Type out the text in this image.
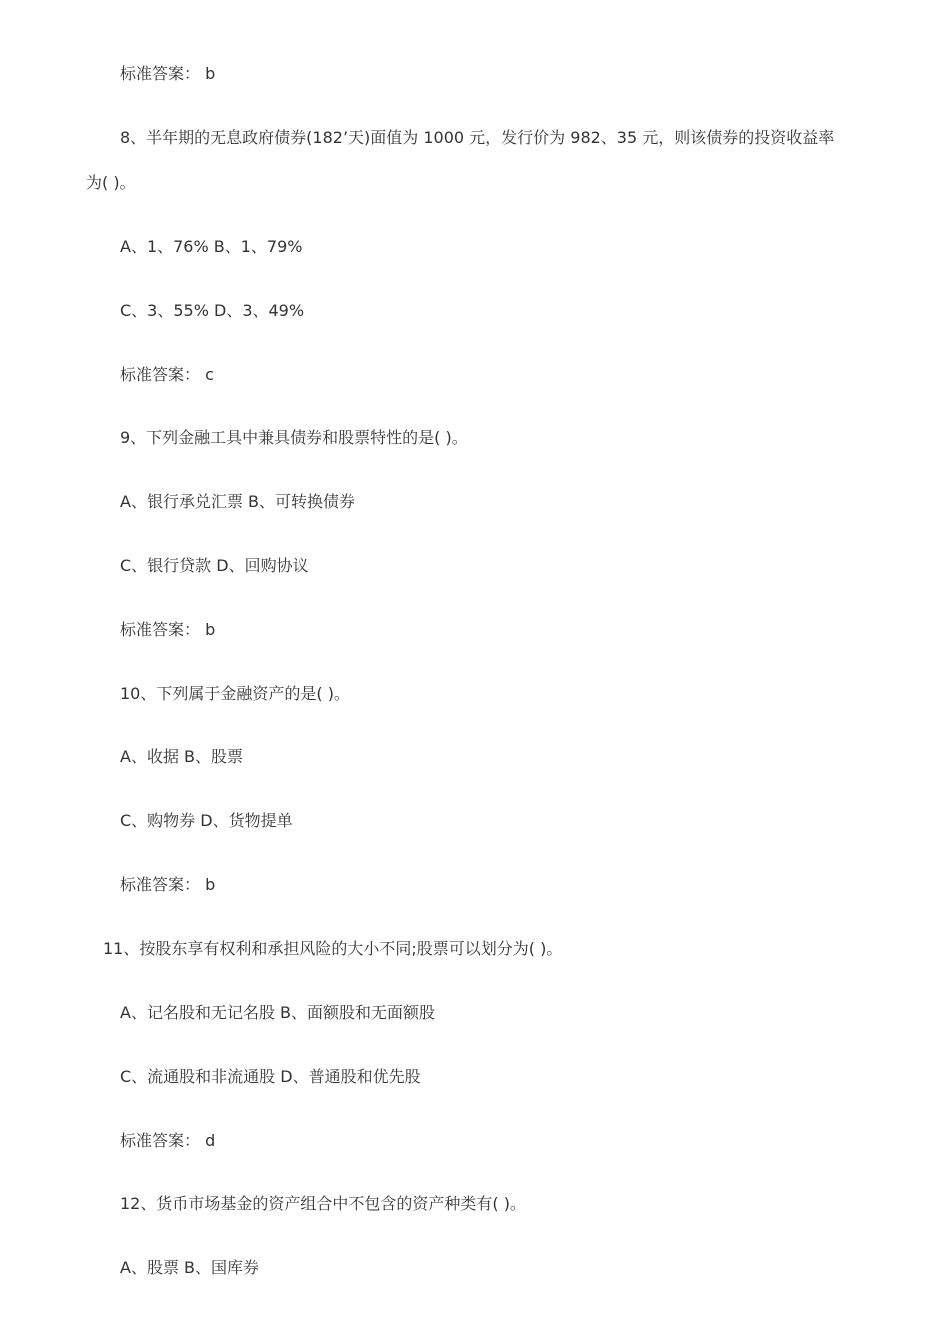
标准答案： b
8、半年期的无息政府债券(182’天)面值为 1000 元，发行价为 982、35 元，则该债券的投资收益率
为( )。
A、1、76% B、1、79%
C、3、55% D、3、49%
标准答案： c
9、下列金融工具中兼具债券和股票特性的是( )。
A、银行承兑汇票 B、可转换债券
C、银行贷款 D、回购协议
标准答案： b
10、下列属于金融资产的是( )。
A、收据 B、股票
C、购物券 D、货物提单
标准答案： b
11、按股东享有权利和承担风险的大小不同;股票可以划分为( )。
A、记名股和无记名股 B、面额股和无面额股
C、流通股和非流通股 D、普通股和优先股
标准答案： d
12、货币市场基金的资产组合中不包含的资产种类有( )。
A、股票 B、国库券
